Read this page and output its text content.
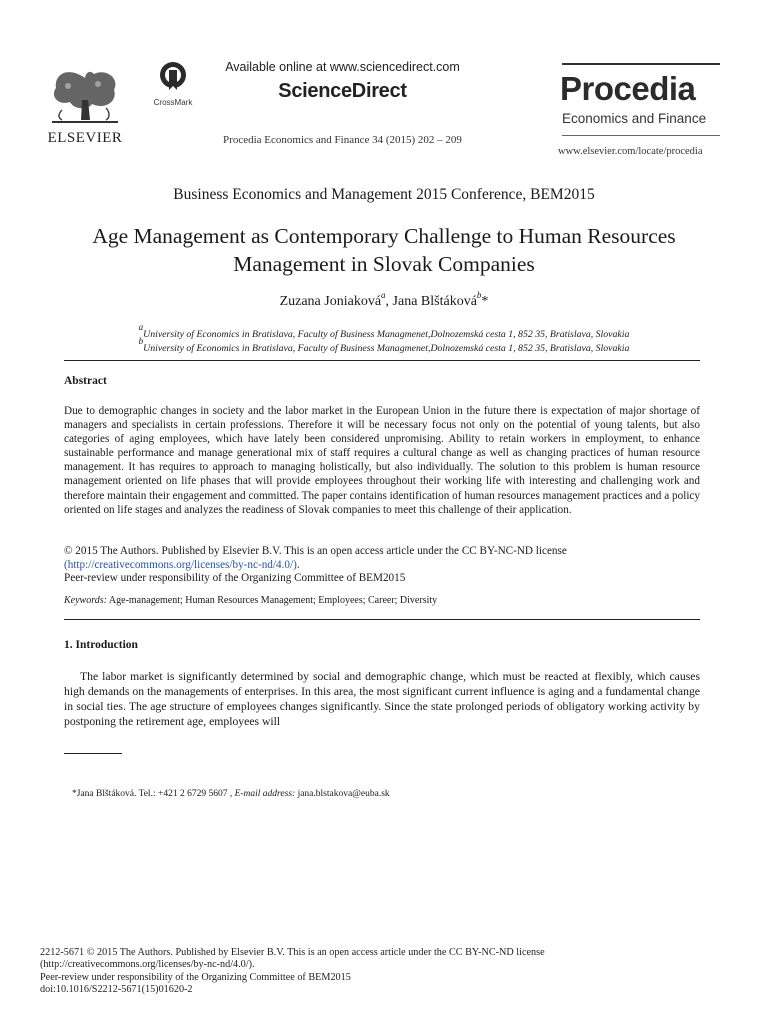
ELSEVIER
CrossMark
Available online at www.sciencedirect.com
ScienceDirect
Procedia Economics and Finance 34 (2015) 202 – 209
Procedia
Economics and Finance
www.elsevier.com/locate/procedia
Business Economics and Management 2015 Conference, BEM2015
Age Management as Contemporary Challenge to Human Resources
Management in Slovak Companies
Zuzana Joniaková$^a$, Jana Blštáková$^b$*
aUniversity of Economics in Bratislava, Faculty of Business Managmenet,Dolnozemská cesta 1, 852 35, Bratislava, Slovakia
bUniversity of Economics in Bratislava, Faculty of Business Managmenet,Dolnozemská cesta 1, 852 35, Bratislava, Slovakia
Abstract
Due to demographic changes in society and the labor market in the European Union in the future there is expectation of major shortage of managers and specialists in certain professions. Therefore it will be necessary focus not only on the potential of young talents, but also categories of aging employees, which have lately been considered unpromising. Ability to retain workers in employment, to enhance sustainable performance and manage generational mix of staff requires a cultural change as well as changing practices of human resource management. It has requires to approach to managing holistically, but also individually. The solution to this problem is human resource management oriented on life phases that will provide employees throughout their working life with interesting and challenging work and therefore maintain their engagement and committed. The paper contains identification of human resources management practices and a policy oriented on life stages and analyzes the readiness of Slovak companies to meet this challenge of their application.
© 2015 The Authors. Published by Elsevier B.V. This is an open access article under the CC BY-NC-ND license
(http://creativecommons.org/licenses/by-nc-nd/4.0/).
Peer-review under responsibility of the Organizing Committee of BEM2015
Keywords: Age-management; Human Resources Management; Employees; Career; Diversity
1. Introduction
The labor market is significantly determined by social and demographic change, which must be reacted at flexibly, which causes high demands on the managements of enterprises. In this area, the most significant current influence is aging and a fundamental change in social ties. The age structure of employees changes significantly. Since the state prolonged periods of obligatory working activity by postponing the retirement age, employees will
*Jana Blštáková. Tel.: +421 2 6729 5607 , E-mail address: jana.blstakova@euba.sk
2212-5671 © 2015 The Authors. Published by Elsevier B.V. This is an open access article under the CC BY-NC-ND license
(http://creativecommons.org/licenses/by-nc-nd/4.0/).
Peer-review under responsibility of the Organizing Committee of BEM2015
doi:10.1016/S2212-5671(15)01620-2
